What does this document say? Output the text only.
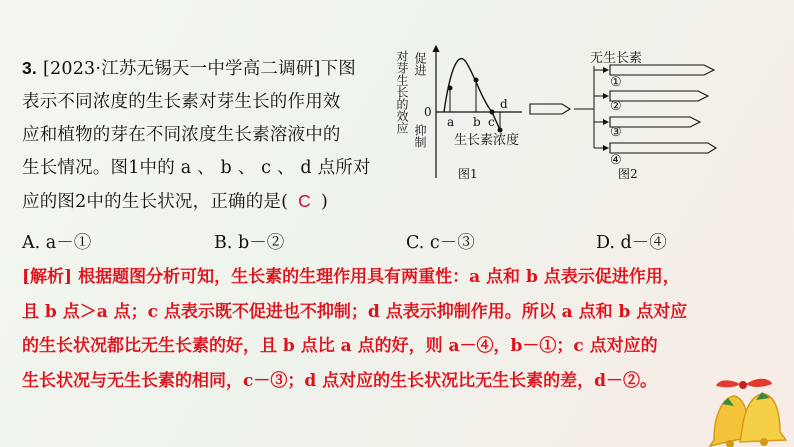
3. [2023·江苏无锡天一中学高二调研]下图
表示不同浓度的生长素对芽生长的作用效
应和植物的芽在不同浓度生长素溶液中的
生长情况。图1中的 a 、 b 、 c 、 d 点所对
应的图2中的生长状况，正确的是( C )
对芽生长的效应 促进
抑制
0
a b c
d
生长素浓度
图1
无生长素
①
②
③
④
图2
A. a－①	B. b－②	C. c－③	D. d－④
[解析] 根据题图分析可知，生长素的生理作用具有两重性：a 点和 b 点表示促进作用，
且 b 点＞a 点；c 点表示既不促进也不抑制；d 点表示抑制作用。所以 a 点和 b 点对应
的生长状况都比无生长素的好，且 b 点比 a 点的好，则 a－④，b－①；c 点对应的
生长状况与无生长素的相同，c－③；d 点对应的生长状况比无生长素的差，d－②。
